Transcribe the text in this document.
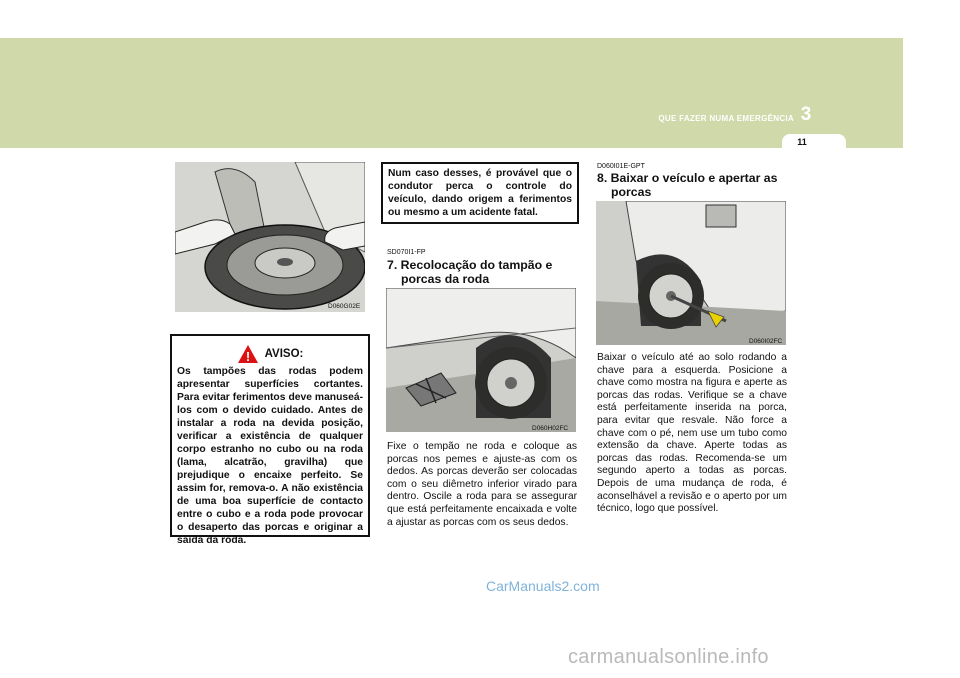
QUE FAZER NUMA EMERGÊNCIA 3
11
D060G02E
! AVISO:
Os tampões das rodas podem apresentar superfícies cortantes. Para evitar ferimentos deve manuseá-los com o devido cuidado. Antes de instalar a roda na devida posição, verificar a existência de qualquer corpo estranho no cubo ou na roda (lama, alcatrão, gravilha) que prejudique o encaixe perfeito. Se assim for, remova-o. A não existência de uma boa superfície de contacto entre o cubo e a roda pode provocar o desaperto das porcas e originar a saída da roda.
Num caso desses, é provável que o condutor perca o controle do veículo, dando origem a ferimentos ou mesmo a um acidente fatal.
SD070I1-FP
7. Recolocação do tampão e
porcas da roda
D060H02FC
Fixe o tempão ne roda e coloque as porcas nos pemes e ajuste-as com os dedos. As porcas deverão ser colocadas com o seu diêmetro inferior virado para dentro. Oscile a roda para se assegurar que está perfeitamente encaixada e volte a ajustar as porcas com os seus dedos.
D060I01E-GPT
8. Baixar o veículo e apertar as
porcas
D060I02FC
Baixar o veículo até ao solo rodando a chave para a esquerda. Posicione a chave como mostra na figura e aperte as porcas das rodas. Verifique se a chave está perfeitamente inserida na porca, para evitar que resvale. Não force a chave com o pé, nem use um tubo como extensão da chave. Aperte todas as porcas das rodas. Recomenda-se um segundo aperto a todas as porcas. Depois de uma mudança de roda, é aconselhável a revisão e o aperto por um técnico, logo que possível.
CarManuals2.com
carmanualsonline.info
